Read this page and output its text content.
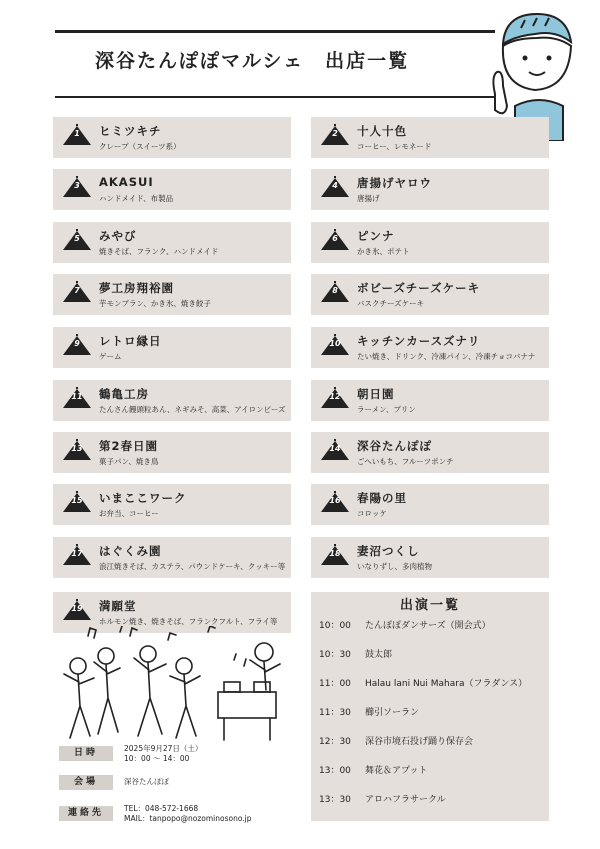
深谷たんぽぽマルシェ　出店一覧
1	ヒミツキチ
クレープ（スイーツ系）
2	十人十色
コーヒー、レモネード
3	AKASUI
ハンドメイド、布製品
4	唐揚げヤロウ
唐揚げ
5	みやび
焼きそば、フランク、ハンドメイド
6	ピンナ
かき氷、ポテト
7	夢工房翔裕園
芋モンブラン、かき氷、焼き餃子
8	ボビーズチーズケーキ
バスクチーズケーキ
9	レトロ縁日
ゲーム
10	キッチンカースズナリ
たい焼き、ドリンク、冷凍パイン、冷凍チョコバナナ
11	鶴亀工房
たんさん饅頭粒あん、ネギみそ、高菜、アイロンビーズ
12	朝日園
ラーメン、プリン
13	第2春日園
菓子パン、焼き鳥
14	深谷たんぽぽ
ごへいもち、フルーツポンチ
15	いまここワーク
お弁当、コーヒー
16	春陽の里
コロッケ
17	はぐくみ園
浪江焼きそば、カステラ、パウンドケーキ、クッキー等
18	妻沼つくし
いなりずし、多肉植物
19	満願堂
ホルモン焼き、焼きそば、フランクフルト、フライ等
日時	2025年9月27日（土）
10：00 ～ 14：00
会場	深谷たんぽぽ
連絡先	TEL：048-572-1668
MAIL：tanpopo@nozominosono.jp
出演一覧
10：00 たんぽぽダンサーズ（開会式）
10：30 鼓太郎
11：00 Halau lani Nui Mahara（フラダンス）
11：30 櫛引ソーラン
12：30 深谷市境石投げ踊り保存会
13：00 舞花＆アプット
13：30 アロハフラサークル
